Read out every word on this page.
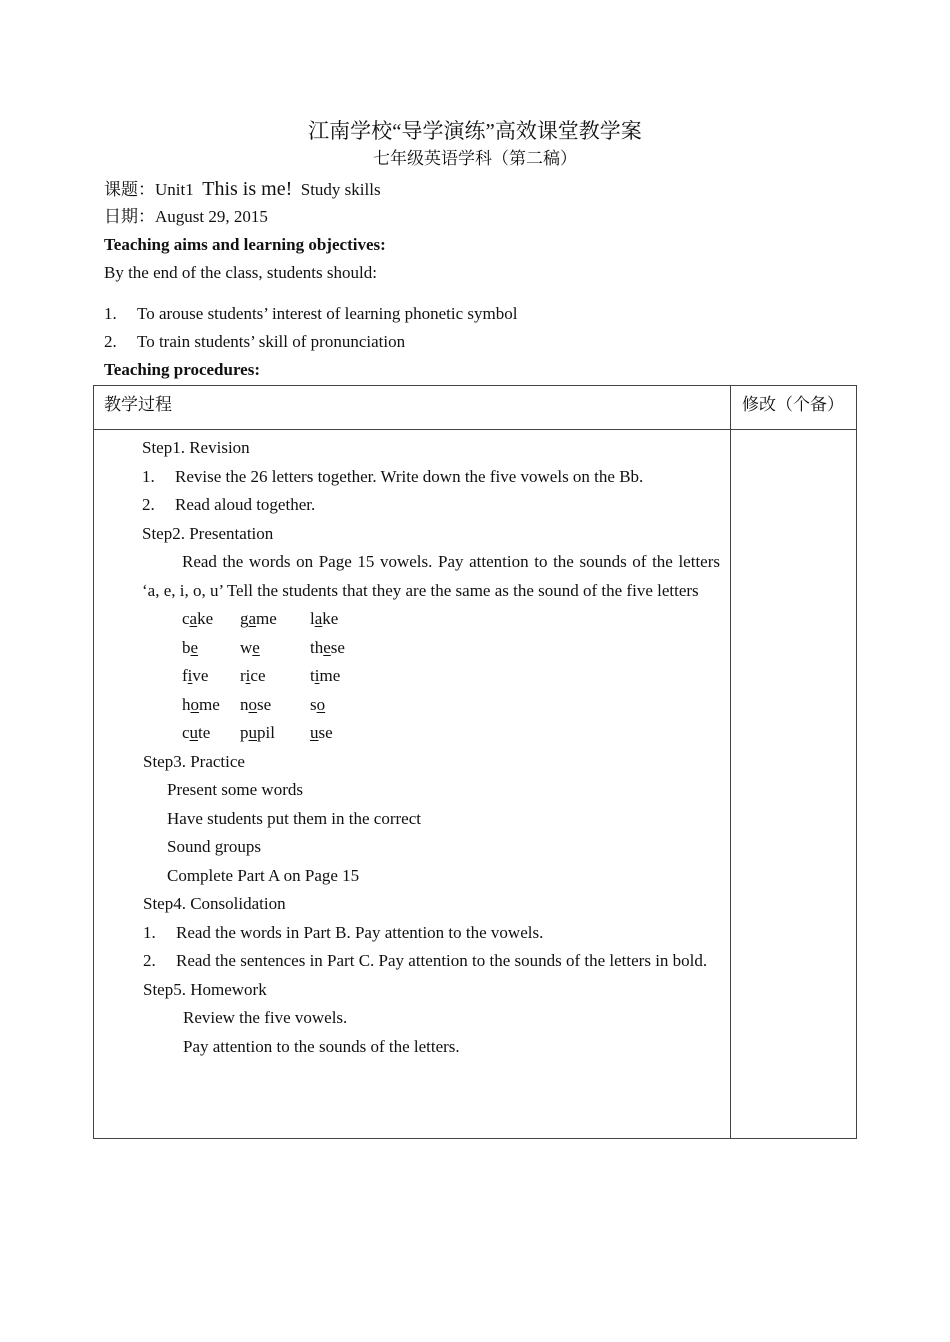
江南学校“导学演练”高效课堂教学案
七年级英语学科（第二稿）
课题：Unit1 This is me! Study skills
日期：August 29, 2015
Teaching aims and learning objectives:
By the end of the class, students should:
1. To arouse students’ interest of learning phonetic symbol
2. To train students’ skill of pronunciation
Teaching procedures:
教学过程	修改（个备）

Step1. Revision
1. Revise the 26 letters together. Write down the five vowels on the Bb.
2. Read aloud together.
Step2. Presentation
Read the words on Page 15 vowels. Pay attention to the sounds of the letters ‘a, e, i, o, u’ Tell the students that they are the same as the sound of the five letters
cake game lake
be we	these
five rice	time
home nose so
cute pupil use
Step3. Practice
Present some words
Have students put them in the correct
Sound groups
Complete Part A on Page 15
Step4. Consolidation
1. Read the words in Part B. Pay attention to the vowels.
2.	Read the sentences in Part C. Pay attention to the sounds of the letters in bold.
Step5. Homework
Review the five vowels.
Pay attention to the sounds of the letters.
